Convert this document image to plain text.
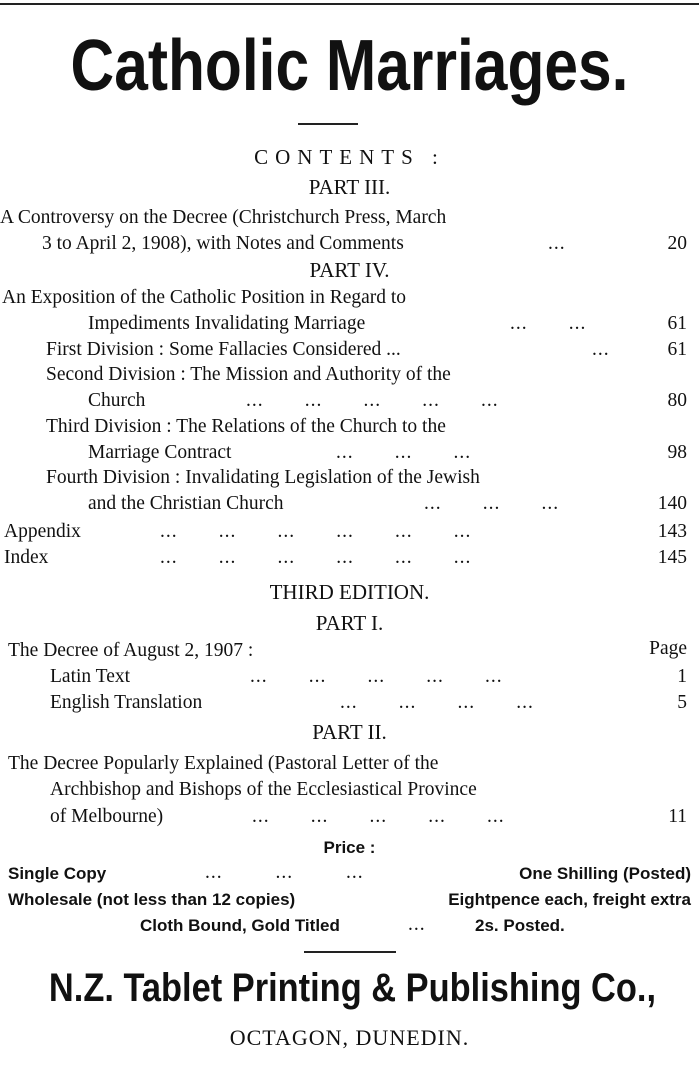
Catholic Marriages.
CONTENTS :
PART III.
A Controversy on the Decree (Christchurch Press, March
3 to April 2, 1908), with Notes and Comments	...	20
PART IV.
An Exposition of the Catholic Position in Regard to
Impediments Invalidating Marriage	...       ...	61
First Division : Some Fallacies Considered ...	...	61
Second Division : The Mission and Authority of the
Church	...       ...       ...       ...       ...	80
Third Division : The Relations of the Church to the
Marriage Contract	...       ...       ...	98
Fourth Division : Invalidating Legislation of the Jewish
and the Christian Church	...       ...       ...	140
Appendix	...       ...       ...       ...       ...       ...	143
Index	...       ...       ...       ...       ...       ...	145
THIRD EDITION.
PART I.
The Decree of August 2, 1907 :	Page
Latin Text	...       ...       ...       ...       ...	1
English Translation	...       ...       ...       ...	5
PART II.
The Decree Popularly Explained (Pastoral Letter of the
Archbishop and Bishops of the Ecclesiastical Province
of Melbourne)	...       ...       ...       ...       ...	11
Price :
Single Copy	...         ...         ...	One Shilling (Posted)
Wholesale (not less than 12 copies)	Eightpence each, freight extra
Cloth Bound, Gold Titled	...	2s. Posted.
N.Z. Tablet Printing & Publishing Co.,
OCTAGON, DUNEDIN.
